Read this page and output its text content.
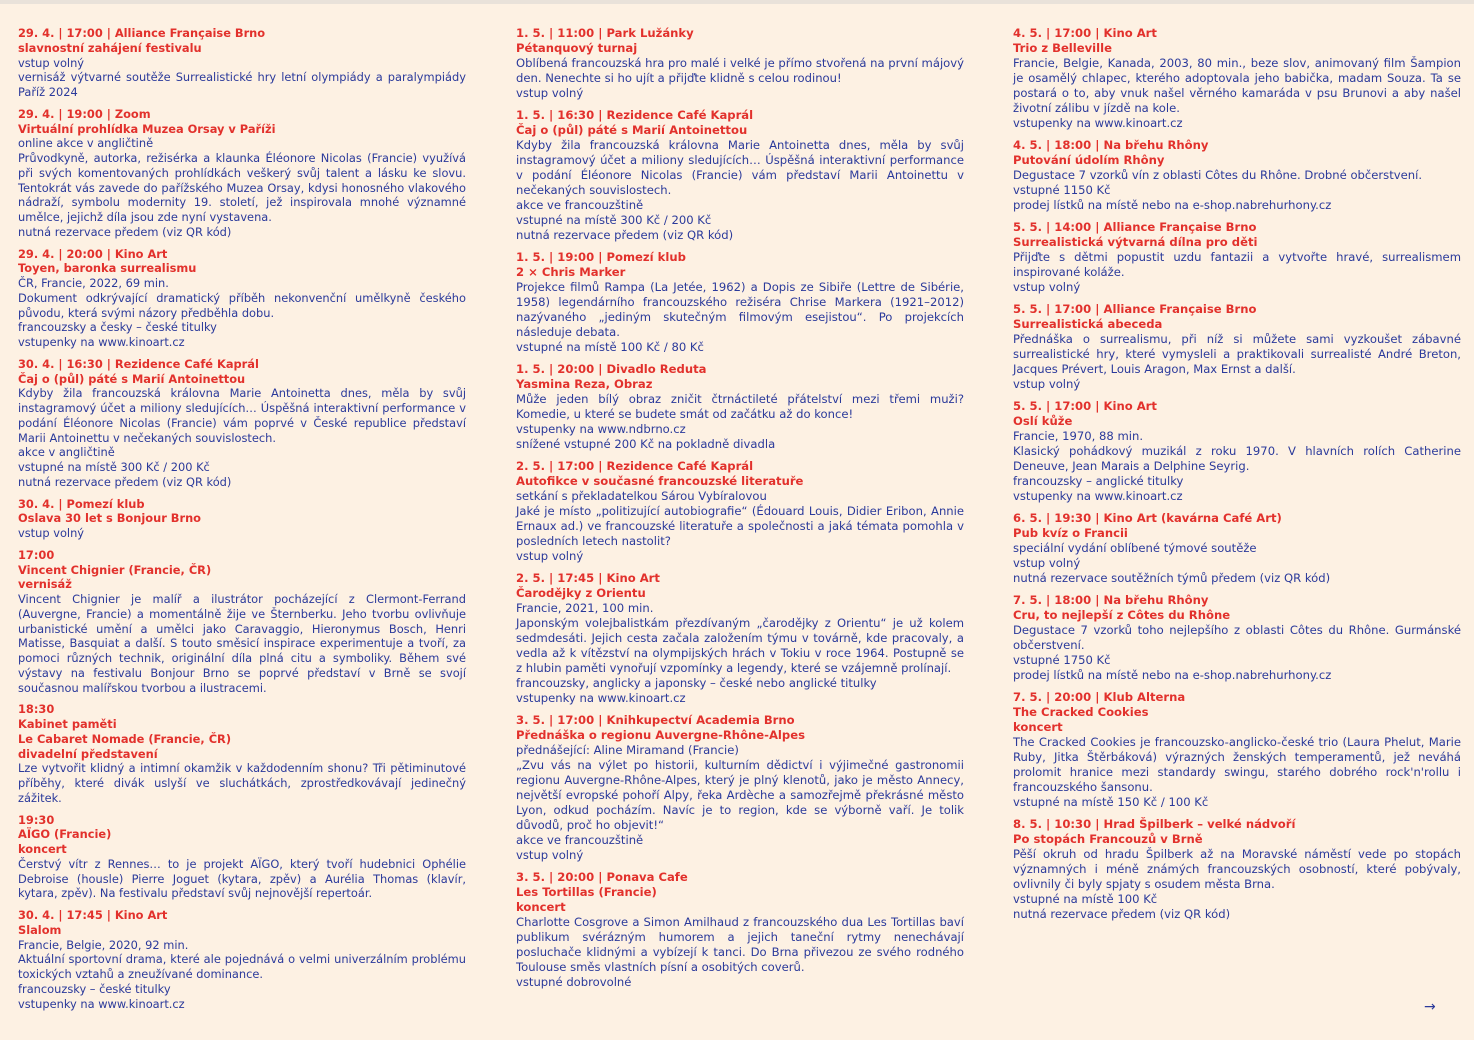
29. 4. | 17:00 | Alliance Française Brno
slavnostní zahájení festivalu
vstup volný
vernisáž výtvarné soutěže Surrealistické hry letní olympiády a paralympiády Paříž 2024
29. 4. | 19:00 | Zoom
Virtuální prohlídka Muzea Orsay v Paříži
online akce v angličtině
Průvodkyně, autorka, režisérka a klaunka Éléonore Nicolas (Francie) využívá při svých komentovaných prohlídkách veškerý svůj talent a lásku ke slovu. Tentokrát vás zavede do pařížského Muzea Orsay, kdysi honosného vlakového nádraží, symbolu modernity 19. století, jež inspirovala mnohé významné umělce, jejichž díla jsou zde nyní vystavena.
nutná rezervace předem (viz QR kód)
29. 4. | 20:00 | Kino Art
Toyen, baronka surrealismu
ČR, Francie, 2022, 69 min.
Dokument odkrývající dramatický příběh nekonvenční umělkyně českého původu, která svými názory předběhla dobu.
francouzsky a česky – české titulky
vstupenky na www.kinoart.cz
30. 4. | 16:30 | Rezidence Café Kaprál
Čaj o (půl) páté s Marií Antoinettou
Kdyby žila francouzská královna Marie Antoinetta dnes, měla by svůj instagramový účet a miliony sledujících… Úspěšná interaktivní performance v podání Éléonore Nicolas (Francie) vám poprvé v České republice představí Marii Antoinettu v nečekaných souvislostech.
akce v angličtině
vstupné na místě 300 Kč / 200 Kč
nutná rezervace předem (viz QR kód)
30. 4. | Pomezí klub
Oslava 30 let s Bonjour Brno
vstup volný
17:00
Vincent Chignier (Francie, ČR)
vernisáž
Vincent Chignier je malíř a ilustrátor pocházející z Clermont-Ferrand (Auvergne, Francie) a momentálně žije ve Šternberku. Jeho tvorbu ovlivňuje urbanistické umění a umělci jako Caravaggio, Hieronymus Bosch, Henri Matisse, Basquiat a další. S touto směsicí inspirace experimentuje a tvoří, za pomoci různých technik, originální díla plná citu a symboliky. Během své výstavy na festivalu Bonjour Brno se poprvé představí v Brně se svojí současnou malířskou tvorbou a ilustracemi.
18:30
Kabinet paměti
Le Cabaret Nomade (Francie, ČR)
divadelní představení
Lze vytvořit klidný a intimní okamžik v každodenním shonu? Tři pětiminutové příběhy, které divák uslyší ve sluchátkách, zprostředkovávají jedinečný zážitek.
19:30
AÏGO (Francie)
koncert
Čerstvý vítr z Rennes… to je projekt AÏGO, který tvoří hudebnici Ophélie Debroise (housle) Pierre Joguet (kytara, zpěv) a Aurélia Thomas (klavír, kytara, zpěv). Na festivalu představí svůj nejnovější repertoár.
30. 4. | 17:45 | Kino Art
Slalom
Francie, Belgie, 2020, 92 min.
Aktuální sportovní drama, které ale pojednává o velmi univerzálním problému toxických vztahů a zneužívané dominance.
francouzsky – české titulky
vstupenky na www.kinoart.cz
1. 5. | 11:00 | Park Lužánky
Pétanquový turnaj
Oblíbená francouzská hra pro malé i velké je přímo stvořená na první májový den. Nenechte si ho ujít a přijďte klidně s celou rodinou!
vstup volný
1. 5. | 16:30 | Rezidence Café Kaprál
Čaj o (půl) páté s Marií Antoinettou
Kdyby žila francouzská královna Marie Antoinetta dnes, měla by svůj instagramový účet a miliony sledujících… Úspěšná interaktivní performance v podání Éléonore Nicolas (Francie) vám představí Marii Antoinettu v nečekaných souvislostech.
akce ve francouzštině
vstupné na místě 300 Kč / 200 Kč
nutná rezervace předem (viz QR kód)
1. 5. | 19:00 | Pomezí klub
2 × Chris Marker
Projekce filmů Rampa (La Jetée, 1962) a Dopis ze Sibiře (Lettre de Sibérie, 1958) legendárního francouzského režiséra Chrise Markera (1921–2012) nazývaného „jediným skutečným filmovým esejistou“. Po projekcích následuje debata.
vstupné na místě 100 Kč / 80 Kč
1. 5. | 20:00 | Divadlo Reduta
Yasmina Reza, Obraz
Může jeden bílý obraz zničit čtrnáctileté přátelství mezi třemi muži? Komedie, u které se budete smát od začátku až do konce!
vstupenky na www.ndbrno.cz
snížené vstupné 200 Kč na pokladně divadla
2. 5. | 17:00 | Rezidence Café Kaprál
Autofikce v současné francouzské literatuře
setkání s překladatelkou Sárou Vybíralovou
Jaké je místo „politizující autobiografie“ (Édouard Louis, Didier Eribon, Annie Ernaux ad.) ve francouzské literatuře a společnosti a jaká témata pomohla v posledních letech nastolit?
vstup volný
2. 5. | 17:45 | Kino Art
Čarodějky z Orientu
Francie, 2021, 100 min.
Japonským volejbalistkám přezdívaným „čarodějky z Orientu“ je už kolem sedmdesáti. Jejich cesta začala založením týmu v továrně, kde pracovaly, a vedla až k vítězství na olympijských hrách v Tokiu v roce 1964. Postupně se z hlubin paměti vynořují vzpomínky a legendy, které se vzájemně prolínají.
francouzsky, anglicky a japonsky – české nebo anglické titulky
vstupenky na www.kinoart.cz
3. 5. | 17:00 | Knihkupectví Academia Brno
Přednáška o regionu Auvergne-Rhône-Alpes
přednášející: Aline Miramand (Francie)
„Zvu vás na výlet po historii, kulturním dědictví i výjimečné gastronomii regionu Auvergne-Rhône-Alpes, který je plný klenotů, jako je město Annecy, největší evropské pohoří Alpy, řeka Ardèche a samozřejmě překrásné město Lyon, odkud pocházím. Navíc je to region, kde se výborně vaří. Je tolik důvodů, proč ho objevit!“
akce ve francouzštině
vstup volný
3. 5. | 20:00 | Ponava Cafe
Les Tortillas (Francie)
koncert
Charlotte Cosgrove a Simon Amilhaud z francouzského dua Les Tortillas baví publikum svérázným humorem a jejich taneční rytmy nenechávají posluchače klidnými a vybízejí k tanci. Do Brna přivezou ze svého rodného Toulouse směs vlastních písní a osobitých coverů.
vstupné dobrovolné
4. 5. | 17:00 | Kino Art
Trio z Belleville
Francie, Belgie, Kanada, 2003, 80 min., beze slov, animovaný film Šampion je osamělý chlapec, kterého adoptovala jeho babička, madam Souza. Ta se postará o to, aby vnuk našel věrného kamaráda v psu Brunovi a aby našel životní zálibu v jízdě na kole.
vstupenky na www.kinoart.cz
4. 5. | 18:00 | Na břehu Rhôny
Putování údolím Rhôny
Degustace 7 vzorků vín z oblasti Côtes du Rhône. Drobné občerstvení.
vstupné 1150 Kč
prodej lístků na místě nebo na e-shop.nabrehurhony.cz
5. 5. | 14:00 | Alliance Française Brno
Surrealistická výtvarná dílna pro děti
Přijďte s dětmi popustit uzdu fantazii a vytvořte hravé, surrealismem inspirované koláže.
vstup volný
5. 5. | 17:00 | Alliance Française Brno
Surrealistická abeceda
Přednáška o surrealismu, při níž si můžete sami vyzkoušet zábavné surrealistické hry, které vymysleli a praktikovali surrealisté André Breton, Jacques Prévert, Louis Aragon, Max Ernst a další.
vstup volný
5. 5. | 17:00 | Kino Art
Oslí kůže
Francie, 1970, 88 min.
Klasický pohádkový muzikál z roku 1970. V hlavních rolích Catherine Deneuve, Jean Marais a Delphine Seyrig.
francouzsky – anglické titulky
vstupenky na www.kinoart.cz
6. 5. | 19:30 | Kino Art (kavárna Café Art)
Pub kvíz o Francii
speciální vydání oblíbené týmové soutěže
vstup volný
nutná rezervace soutěžních týmů předem (viz QR kód)
7. 5. | 18:00 | Na břehu Rhôny
Cru, to nejlepší z Côtes du Rhône
Degustace 7 vzorků toho nejlepšího z oblasti Côtes du Rhône. Gurmánské občerstvení.
vstupné 1750 Kč
prodej lístků na místě nebo na e-shop.nabrehurhony.cz
7. 5. | 20:00 | Klub Alterna
The Cracked Cookies
koncert
The Cracked Cookies je francouzsko-anglicko-české trio (Laura Phelut, Marie Ruby, Jitka Štěrbáková) výrazných ženských temperamentů, jež neváhá prolomit hranice mezi standardy swingu, starého dobrého rock'n'rollu i francouzského šansonu.
vstupné na místě 150 Kč / 100 Kč
8. 5. | 10:30 | Hrad Špilberk – velké nádvoří
Po stopách Francouzů v Brně
Pěší okruh od hradu Špilberk až na Moravské náměstí vede po stopách významných i méně známých francouzských osobností, které pobývaly, ovlivnily či byly spjaty s osudem města Brna.
vstupné na místě 100 Kč
nutná rezervace předem (viz QR kód)
→
